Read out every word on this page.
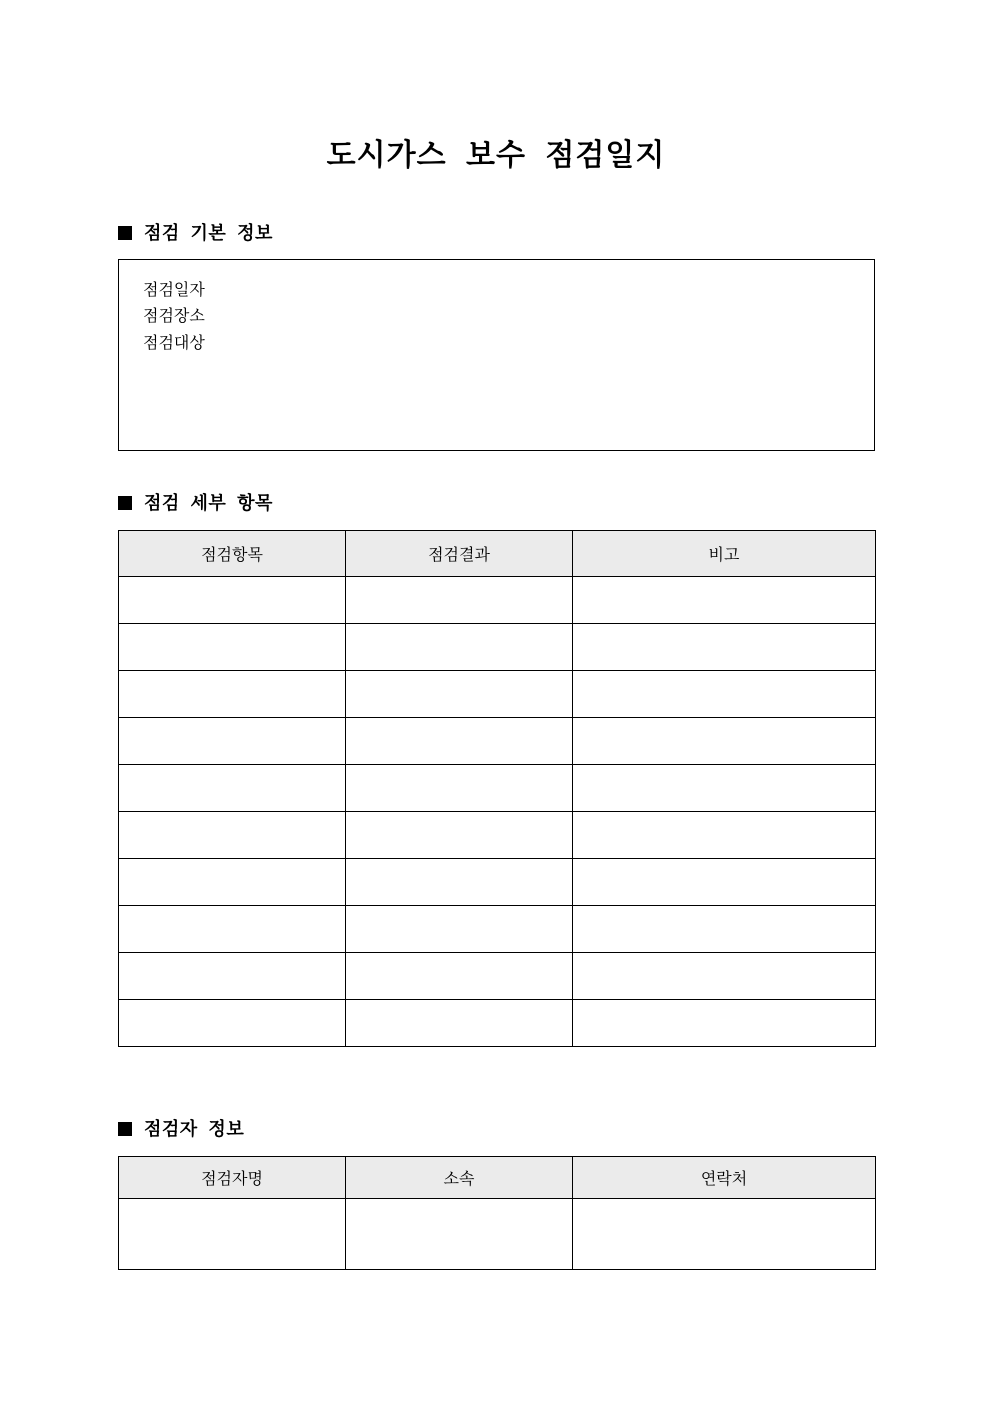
도시가스 보수 점검일지
점검 기본 정보
점검일자
점검장소
점검대상
점검 세부 항목
점검항목	점검결과	비고

점검자 정보
점검자명	소속	연락처
